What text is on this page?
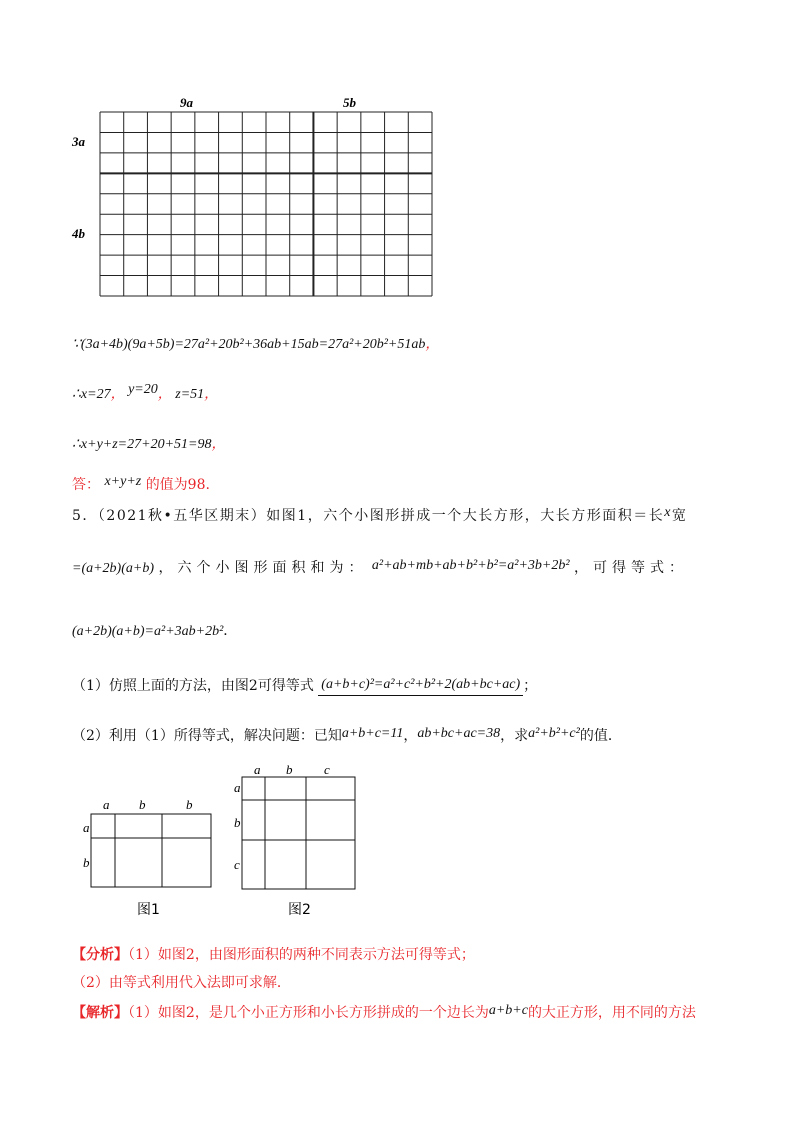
9a	5b
3a
4b
∵(3a+4b)(9a+5b)=27a²+20b²+36ab+15ab=27a²+20b²+51ab，
∴x=27， y=20， z=51，
∴x+y+z=27+20+51=98，
答： x+y+z 的值为98.
5．（2021秋•五华区期末）如图1，六个小图形拼成一个大长方形，大长方形面积＝长x宽
=(a+2b)(a+b) ，六个小图形面积和为： a²+ab+mb+ab+b²+b²=a²+3b+2b² ，可得等式：
(a+2b)(a+b)=a²+3ab+2b²．
（1）仿照上面的方法，由图2可得等式 (a+b+c)²=a²+c²+b²+2(ab+bc+ac) ；
（2）利用（1）所得等式，解决问题：已知a+b+c=11，ab+bc+ac=38，求a²+b²+c²的值．
a b	b
a
b
图1
a b c
a
b
c
图2
【分析】（1）如图2，由图形面积的两种不同表示方法可得等式；
（2）由等式利用代入法即可求解．
【解析】（1）如图2，是几个小正方形和小长方形拼成的一个边长为a+b+c的大正方形，用不同的方法
